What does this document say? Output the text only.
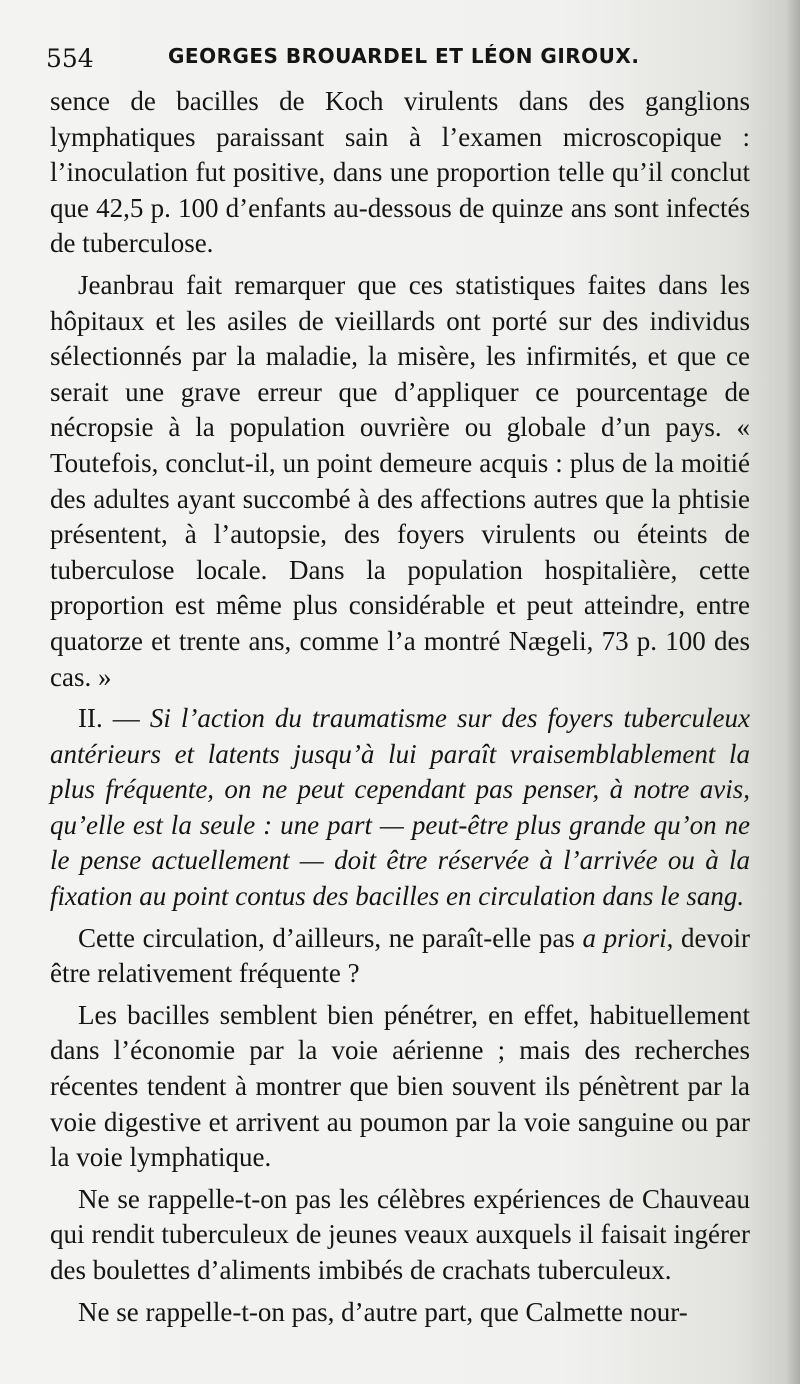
554	GEORGES BROUARDEL ET LÉON GIROUX.

sence de bacilles de Koch virulents dans des ganglions lymphatiques paraissant sain à l’examen microscopique : l’inoculation fut positive, dans une proportion telle qu’il conclut que 42,5 p. 100 d’enfants au-dessous de quinze ans sont infectés de tuberculose.

Jeanbrau fait remarquer que ces statistiques faites dans les hôpitaux et les asiles de vieillards ont porté sur des individus sélectionnés par la maladie, la misère, les infirmités, et que ce serait une grave erreur que d’appliquer ce pourcentage de nécropsie à la population ouvrière ou globale d’un pays. « Toutefois, conclut-il, un point demeure acquis : plus de la moitié des adultes ayant succombé à des affections autres que la phtisie présentent, à l’autopsie, des foyers virulents ou éteints de tuberculose locale. Dans la population hospitalière, cette proportion est même plus considérable et peut atteindre, entre quatorze et trente ans, comme l’a montré Nægeli, 73 p. 100 des cas. »

II. — Si l’action du traumatisme sur des foyers tuberculeux antérieurs et latents jusqu’à lui paraît vraisemblablement la plus fréquente, on ne peut cependant pas penser, à notre avis, qu’elle est la seule : une part — peut-être plus grande qu’on ne le pense actuellement — doit être réservée à l’arrivée ou à la fixation au point contus des bacilles en circulation dans le sang.

Cette circulation, d’ailleurs, ne paraît-elle pas a priori, devoir être relativement fréquente ?

Les bacilles semblent bien pénétrer, en effet, habituellement dans l’économie par la voie aérienne ; mais des recherches récentes tendent à montrer que bien souvent ils pénètrent par la voie digestive et arrivent au poumon par la voie sanguine ou par la voie lymphatique.

Ne se rappelle-t-on pas les célèbres expériences de Chauveau qui rendit tuberculeux de jeunes veaux auxquels il faisait ingérer des boulettes d’aliments imbibés de crachats tuberculeux.

Ne se rappelle-t-on pas, d’autre part, que Calmette nour-
